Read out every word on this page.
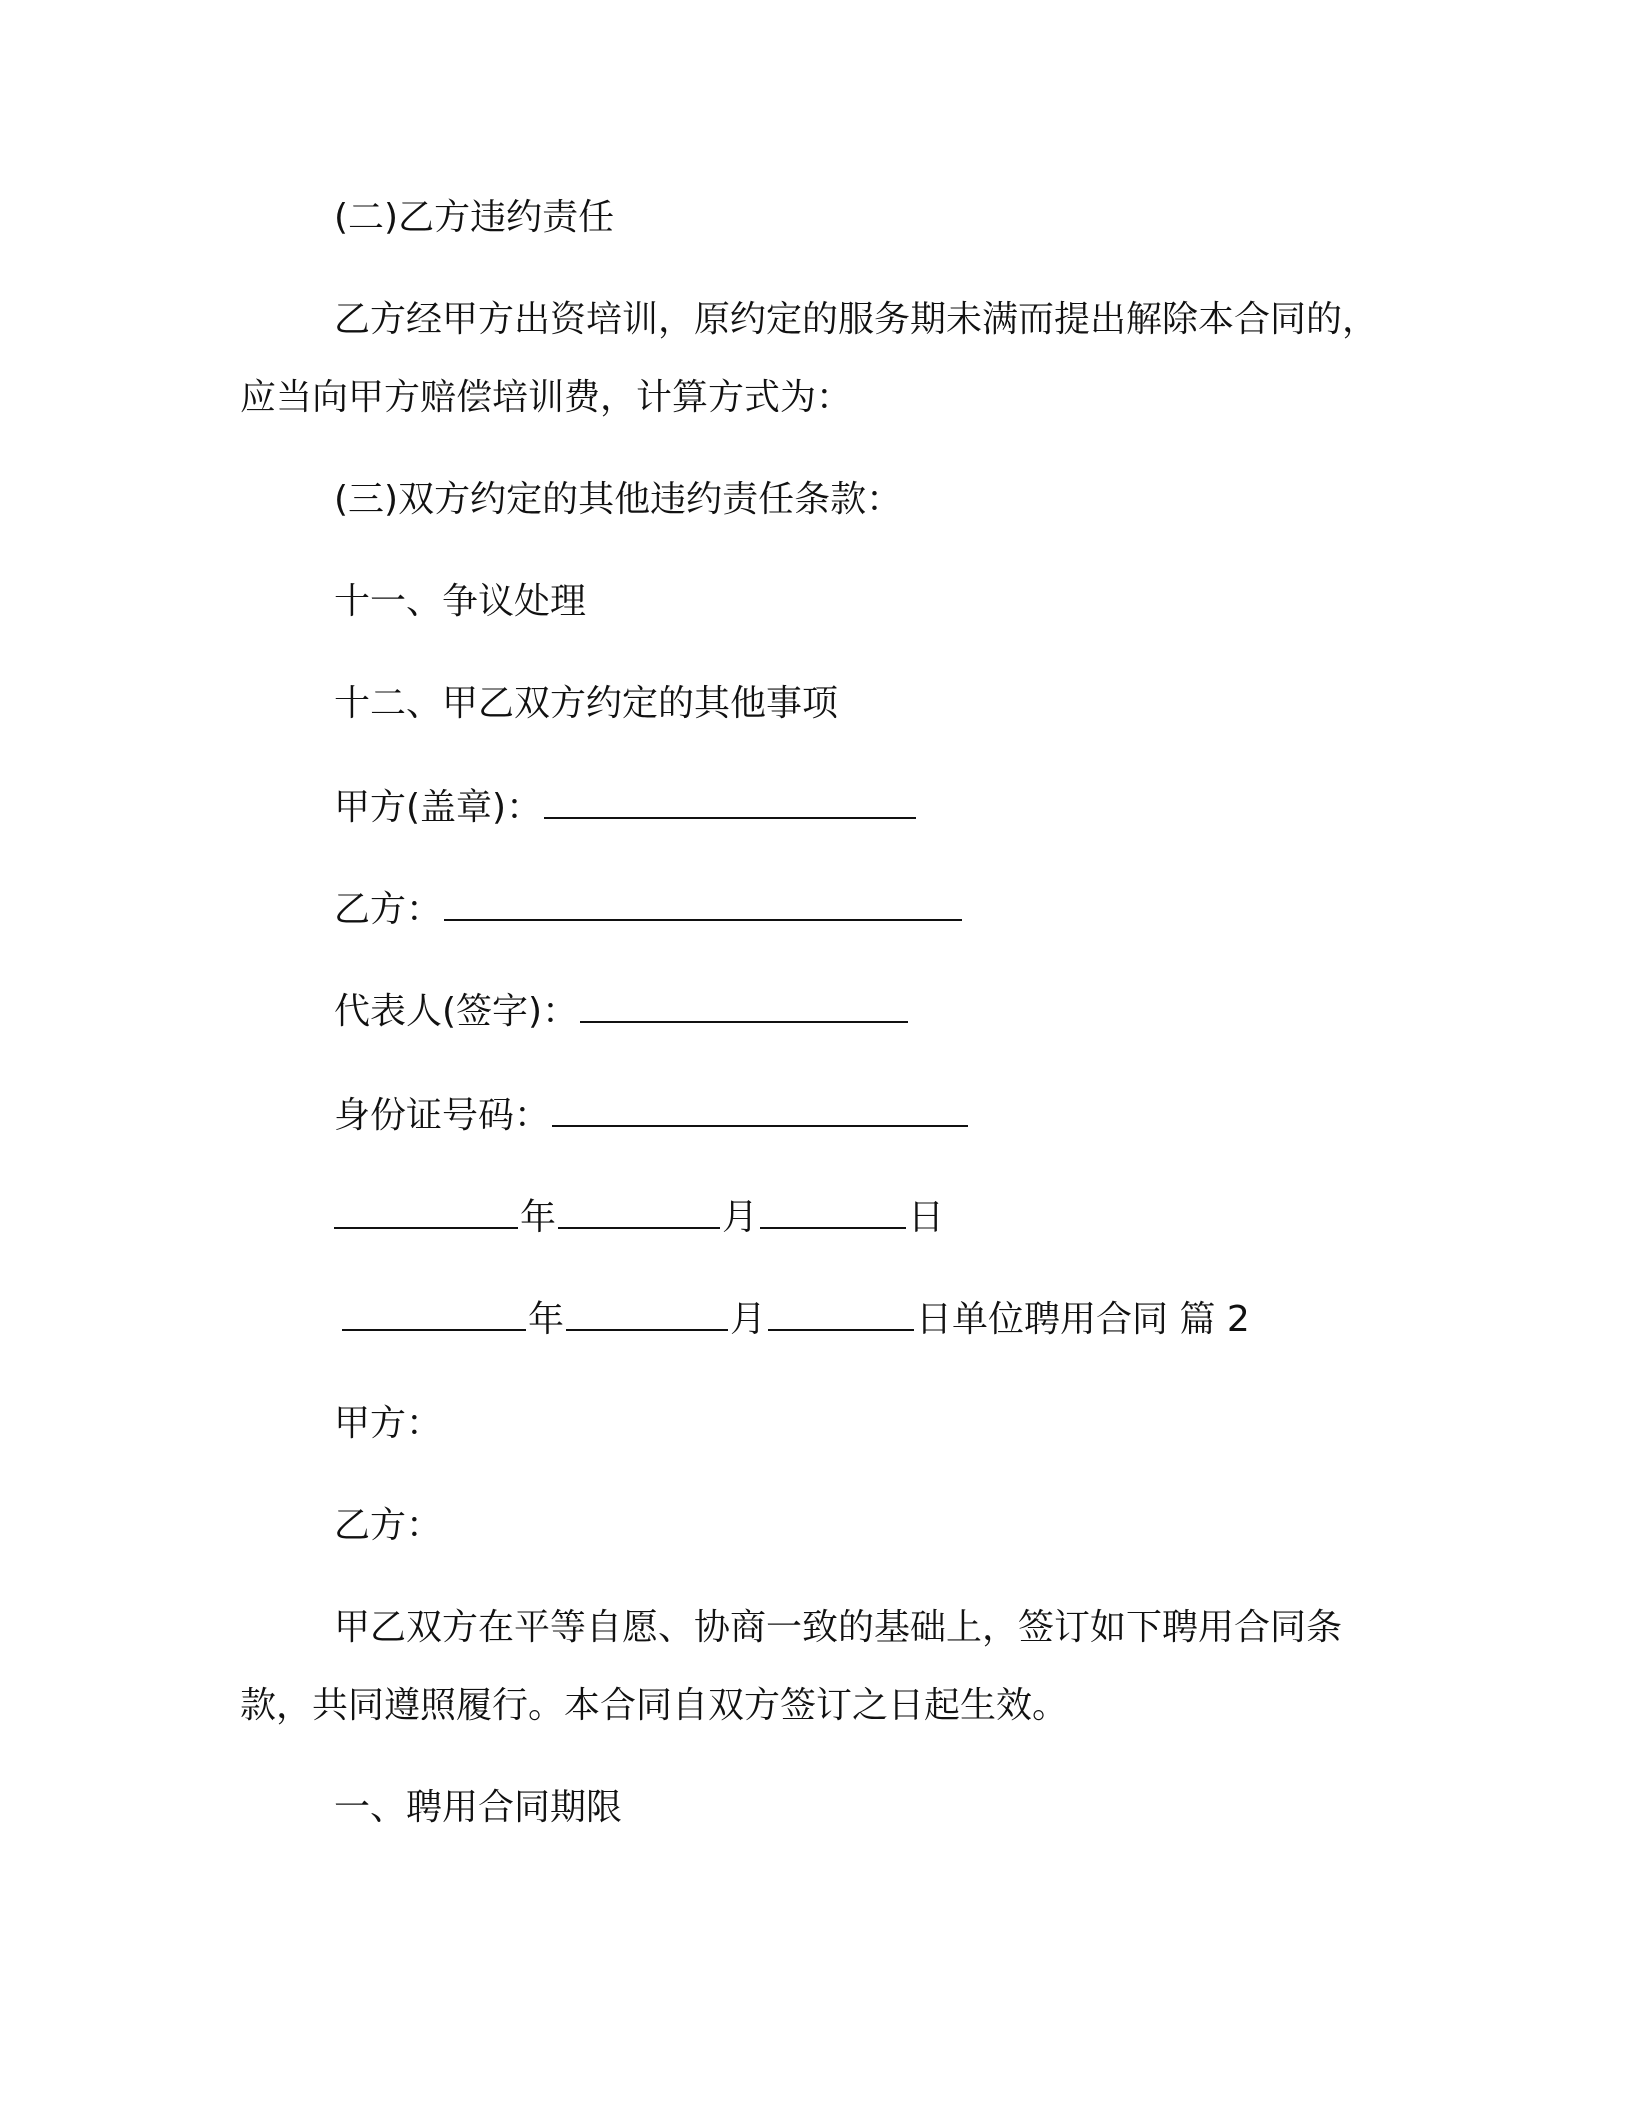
(二)乙方违约责任
乙方经甲方出资培训，原约定的服务期未满而提出解除本合同的，
应当向甲方赔偿培训费，计算方式为：
(三)双方约定的其他违约责任条款：
十一、争议处理
十二、甲乙双方约定的其他事项
甲方(盖章)：
乙方：
代表人(签字)：
身份证号码：
年	月	日
年	月	日单位聘用合同 篇 2
甲方：
乙方：
甲乙双方在平等自愿、协商一致的基础上，签订如下聘用合同条
款，共同遵照履行。本合同自双方签订之日起生效。
一、聘用合同期限
